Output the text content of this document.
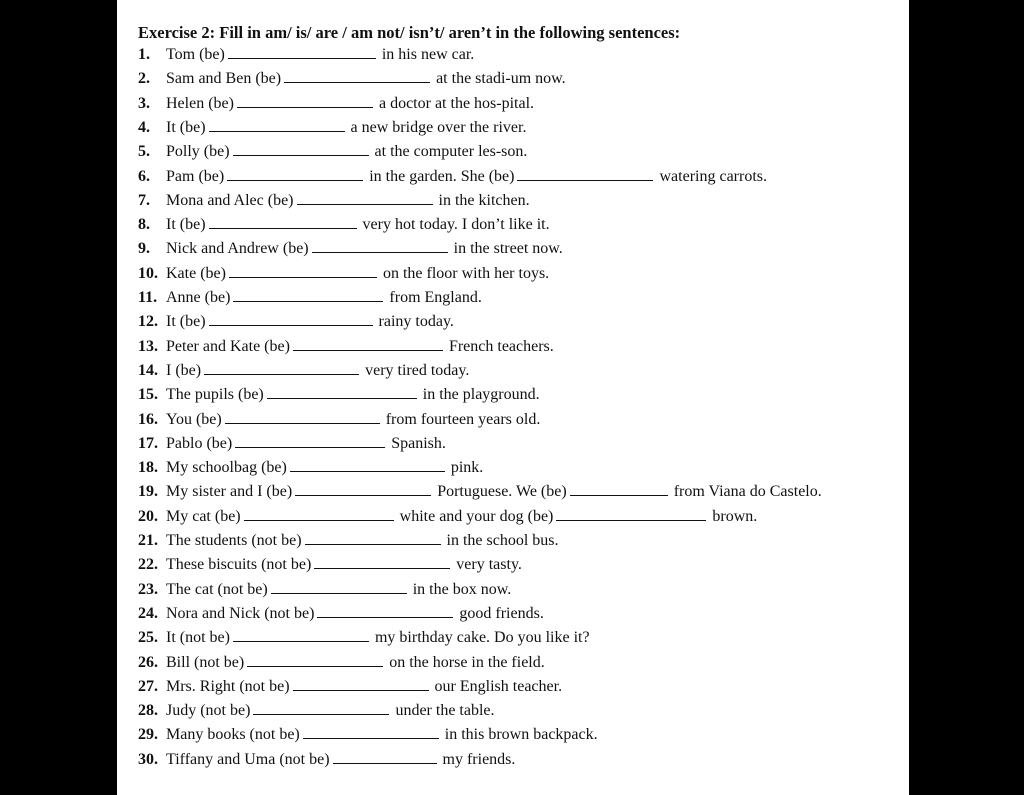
Exercise 2: Fill in am/ is/ are / am not/ isn’t/ aren’t in the following sentences:
1. Tom (be)	in his new car.
2. Sam and Ben (be)	at the stadi-um now.
3. Helen (be)	a doctor at the hos-pital.
4. It (be)	a new bridge over the river.
5. Polly (be)	at the computer les-son.
6. Pam (be)	in the garden. She (be)	watering carrots.
7. Mona and Alec (be)	in the kitchen.
8. It (be)	very hot today. I don’t like it.
9. Nick and Andrew (be)	in the street now.
10. Kate (be)	on the floor with her toys.
11. Anne (be)	from England.
12. It (be)	rainy today.
13. Peter and Kate (be)	French teachers.
14. I (be)	very tired today.
15. The pupils (be)	in the playground.
16. You (be)	from fourteen years old.
17. Pablo (be)	Spanish.
18. My schoolbag (be)	pink.
19. My sister and I (be)	Portuguese. We (be)	from Viana do Castelo.
20. My cat (be)	white and your dog (be)	brown.
21. The students (not be)	in the school bus.
22. These biscuits (not be)	very tasty.
23. The cat (not be)	in the box now.
24. Nora and Nick (not be)	good friends.
25. It (not be)	my birthday cake. Do you like it?
26. Bill (not be)	on the horse in the field.
27. Mrs. Right (not be)	our English teacher.
28. Judy (not be)	under the table.
29. Many books (not be)	in this brown backpack.
30. Tiffany and Uma (not be)	my friends.
